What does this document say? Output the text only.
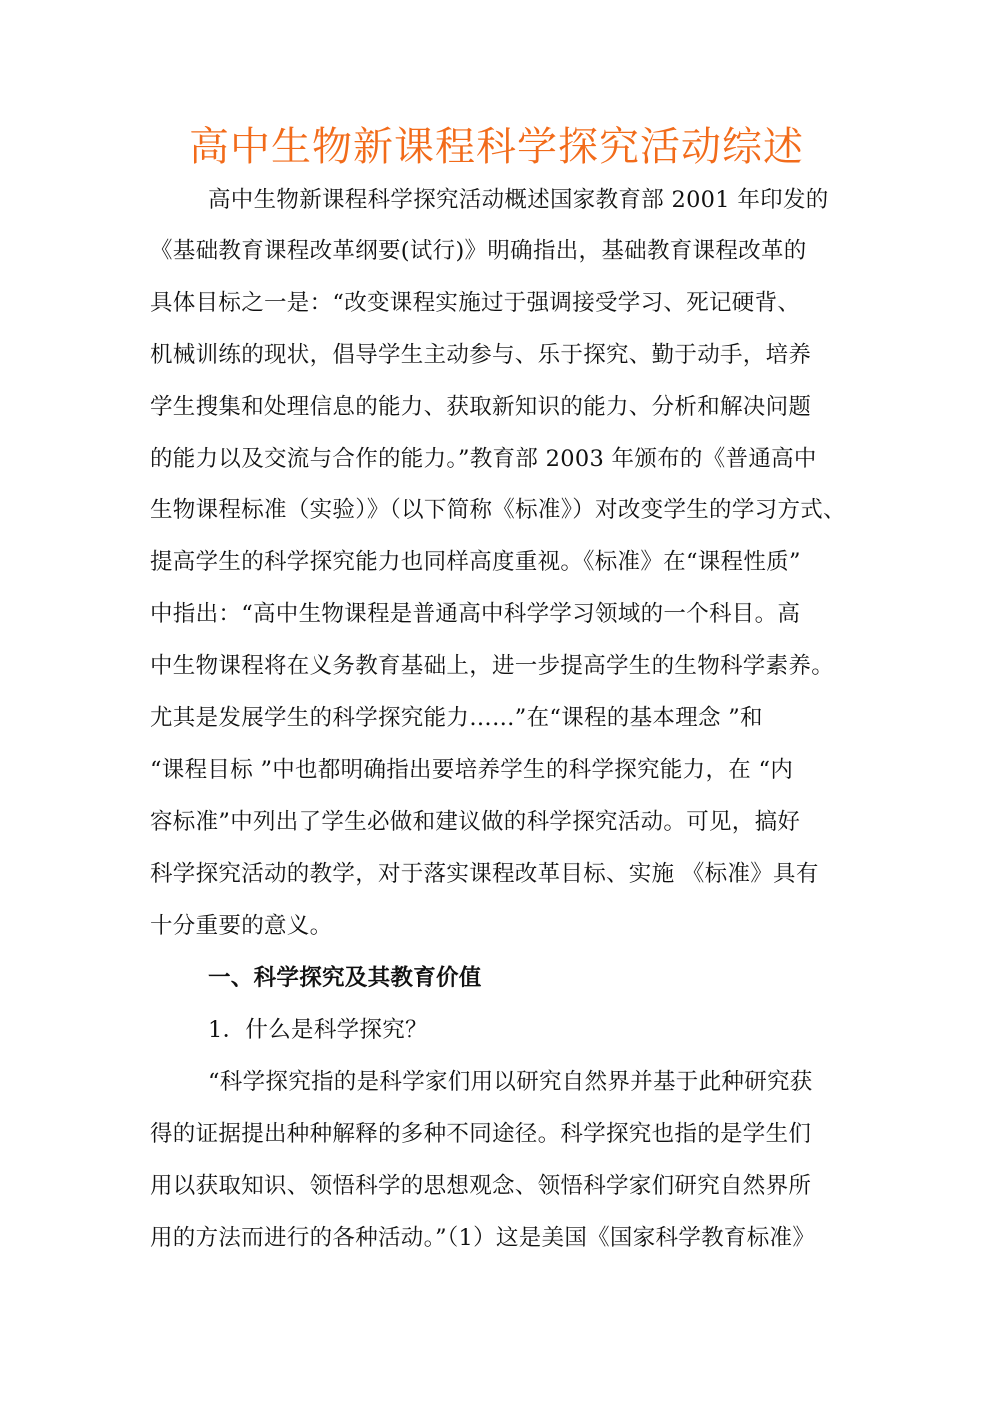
高中生物新课程科学探究活动综述
高中生物新课程科学探究活动概述国家教育部 2001 年印发的
《基础教育课程改革纲要(试行)》明确指出，基础教育课程改革的
具体目标之一是：“改变课程实施过于强调接受学习、死记硬背、
机械训练的现状，倡导学生主动参与、乐于探究、勤于动手，培养
学生搜集和处理信息的能力、获取新知识的能力、分析和解决问题
的能力以及交流与合作的能力。”教育部 2003 年颁布的《普通高中
生物课程标准（实验）》（以下简称《标准》）对改变学生的学习方式、
提高学生的科学探究能力也同样高度重视。《标准》在“课程性质”
中指出：“高中生物课程是普通高中科学学习领域的一个科目。高
中生物课程将在义务教育基础上，进一步提高学生的生物科学素养。
尤其是发展学生的科学探究能力……”在“课程的基本理念 ”和
“课程目标 ”中也都明确指出要培养学生的科学探究能力，在 “内
容标准”中列出了学生必做和建议做的科学探究活动。可见，搞好
科学探究活动的教学，对于落实课程改革目标、实施 《标准》具有
十分重要的意义。
一、科学探究及其教育价值
1．什么是科学探究？
“科学探究指的是科学家们用以研究自然界并基于此种研究获
得的证据提出种种解释的多种不同途径。科学探究也指的是学生们
用以获取知识、领悟科学的思想观念、领悟科学家们研究自然界所
用的方法而进行的各种活动。”（1）这是美国《国家科学教育标准》
